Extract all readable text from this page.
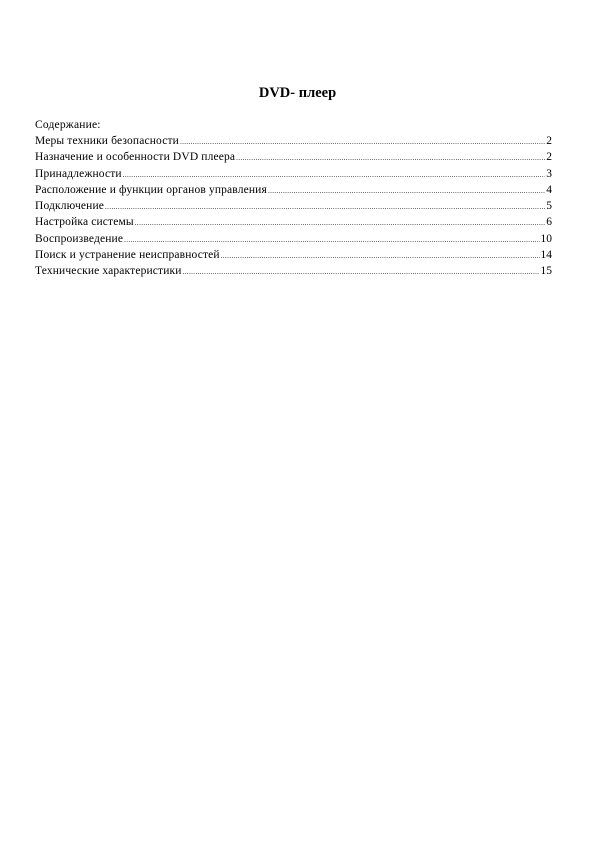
DVD- плеер
Содержание:
Меры техники безопасности .....	2
Назначение и особенности DVD плеера .....	2
Принадлежности .....	3
Расположение и функции органов управления .....	4
Подключение .....	5
Настройка системы .....	6
Воспроизведение .....	10
Поиск и устранение неисправностей .....	14
Технические характеристики .....	15
